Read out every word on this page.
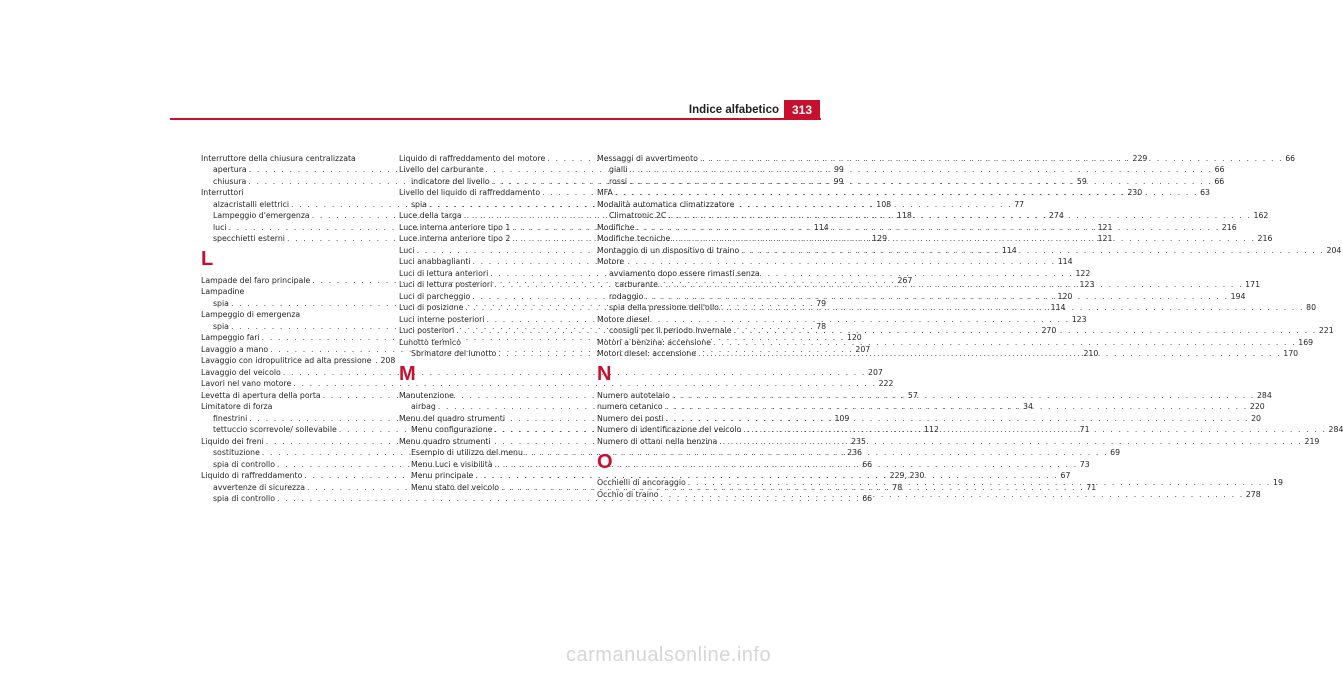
Indice alfabetico	313
Interruttore della chiusura centralizzata
apertura . . .	99
chiusura . . .	99
Interruttori
alzacristalli elettrici . . .	108
Lampeggio d'emergenza . . .	118
luci . . .	114
specchietti esterni . . .	129
L
Lampade del faro principale . . .	267
Lampadine
spia . . .	79
Lampeggio di emergenza
spia . . .	78
Lampeggio fari . . .	120
Lavaggio a mano . . .	207
Lavaggio con idropulitrice ad alta pressione . 208
Lavaggio del veicolo . . .	207
Lavori nel vano motore . . .	222
Levetta di apertura della porta . . .	57
Limitatore di forza
finestrini . . .	109
tettuccio scorrevole/ sollevabile . . .	112
Liquido dei freni . . .	235
sostituzione . . .	236
spia di controllo . . .	66
Liquido di raffreddamento . . .	229, 230
avvertenze di sicurezza . . .	78
spia di controllo . . .	66
Liquido di raffreddamento del motore . . .	229
Livello del carburante
indicatore del livello . . .	59
Livello del liquido di raffreddamento . . .	230
spia . . .	77
Luce della targa . . .	274
Luce interna anteriore tipo 1 . . .	121
Luce interna anteriore tipo 2 . . .	121
Luci . . .	114
Luci anabbaglianti . . .	114
Luci di lettura anteriori . . .	122
Luci di lettura posteriori . . .	123
Luci di parcheggio . . .	120
Luci di posizione . . .	114
Luci interne posteriori . . .	123
Luci posteriori . . .	270
Lunotto termico
Sbrinatore del lunotto . . .	210
M
Manutenzione
airbag . . .	34
Menu del quadro strumenti
Menu configurazione . . .	71
Menu quadro strumenti
Esempio di utilizzo del menu . . .	69
Menu Luci e visibilità . . .	73
Menu principale . . .	67
Menu stato del veicolo . . .	71
Messaggi di avvertimento . . .	66
gialli . . .	66
rossi . . .	66
MFA . . .	63
Modalità automatica climatizzatore
Climatronic 2C . . .	162
Modifiche . . .	216
Modifiche tecniche . . .	216
Montaggio di un dispositivo di traino . . .	204
Motore
avviamento dopo essere rimasti senza
carburante . . .	171
rodaggio . . .	194
spia della pressione dell'olio . . .	80
Motore diesel
consigli per il periodo invernale . . .	221
Motori a benzina: accensione . . .	169
Motori diesel: accensione . . .	170
N
Numero autotelaio . . .	284
numero cetanico . . .	220
Numero dei posti . . .	20
Numero di identificazione del veicolo . . .	284
Numero di ottani nella benzina . . .	219
O
Occhielli di ancoraggio . . .	19
Occhio di traino . . .	278
carmanualsonline.info
